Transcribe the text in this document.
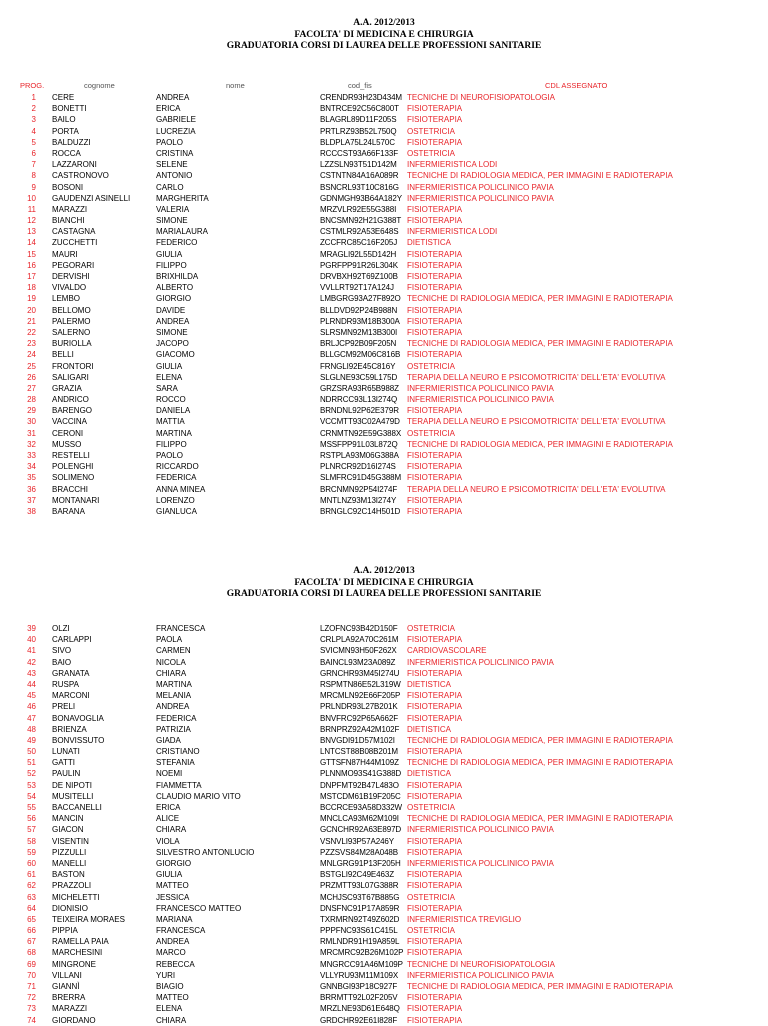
A.A. 2012/2013
FACOLTA' DI MEDICINA E CHIRURGIA
GRADUATORIA CORSI DI LAUREA DELLE PROFESSIONI SANITARIE
PROG.	cognome	nome	cod_fis	CDL ASSEGNATO
1 CERE	ANDREA	CRENDR93H23D434M TECNICHE DI NEUROFISIOPATOLOGIA
2 BONETTI	ERICA	BNTRCE92C56C800T FISIOTERAPIA
3 BAILO	GABRIELE	BLAGRL89D11F205S FISIOTERAPIA
4 PORTA	LUCREZIA	PRTLRZ93B52L750Q OSTETRICIA
5 BALDUZZI	PAOLO	BLDPLA75L24L570C FISIOTERAPIA
6 ROCCA	CRISTINA	RCCCST93A66F133F OSTETRICIA
7 LAZZARONI	SELENE	LZZSLN93T51D142M INFERMIERISTICA LODI
8 CASTRONOVO	ANTONIO	CSTNTN84A16A089R TECNICHE DI RADIOLOGIA MEDICA, PER IMMAGINI E RADIOTERAPIA
9 BOSONI	CARLO	BSNCRL93T10C816G INFERMIERISTICA POLICLINICO PAVIA
10 GAUDENZI ASINELLI	MARGHERITA	GDNMGH93B64A182Y INFERMIERISTICA POLICLINICO PAVIA
11 MARAZZI	VALERIA	MRZVLR92E55G388I FISIOTERAPIA
12 BIANCHI	SIMONE	BNCSMN92H21G388T FISIOTERAPIA
13 CASTAGNA	MARIALAURA	CSTMLR92A53E648S INFERMIERISTICA LODI
14 ZUCCHETTI	FEDERICO	ZCCFRC85C16F205J DIETISTICA
15 MAURI	GIULIA	MRAGLI92L55D142H FISIOTERAPIA
16 PEGORARI	FILIPPO	PGRFPP91R26L304K FISIOTERAPIA
17 DERVISHI	BRIXHILDA	DRVBXH92T69Z100B FISIOTERAPIA
18 VIVALDO	ALBERTO	VVLLRT92T17A124J FISIOTERAPIA
19 LEMBO	GIORGIO	LMBGRG93A27F892O TECNICHE DI RADIOLOGIA MEDICA, PER IMMAGINI E RADIOTERAPIA
20 BELLOMO	DAVIDE	BLLDVD92P24B988N FISIOTERAPIA
21 PALERMO	ANDREA	PLRNDR93M18B300A FISIOTERAPIA
22 SALERNO	SIMONE	SLRSMN92M13B300I FISIOTERAPIA
23 BURIOLLA	JACOPO	BRLJCP92B09F205N TECNICHE DI RADIOLOGIA MEDICA, PER IMMAGINI E RADIOTERAPIA
24 BELLI	GIACOMO	BLLGCM92M06C816B FISIOTERAPIA
25 FRONTORI	GIULIA	FRNGLI92E45C816Y OSTETRICIA
26 SALIGARI	ELENA	SLGLNE93C59L175D TERAPIA DELLA NEURO E PSICOMOTRICITA' DELL'ETA' EVOLUTIVA
27 GRAZIA	SARA	GRZSRA93R65B988Z INFERMIERISTICA POLICLINICO PAVIA
28 ANDRICO	ROCCO	NDRRCC93L13I274Q INFERMIERISTICA POLICLINICO PAVIA
29 BARENGO	DANIELA	BRNDNL92P62E379R FISIOTERAPIA
30 VACCINA	MATTIA	VCCMTT93C02A479D TERAPIA DELLA NEURO E PSICOMOTRICITA' DELL'ETA' EVOLUTIVA
31 CERONI	MARTINA	CRNMTN92E59G388X OSTETRICIA
32 MUSSO	FILIPPO	MSSFPP91L03L872Q TECNICHE DI RADIOLOGIA MEDICA, PER IMMAGINI E RADIOTERAPIA
33 RESTELLI	PAOLO	RSTPLA93M06G388A FISIOTERAPIA
34 POLENGHI	RICCARDO	PLNRCR92D16I274S FISIOTERAPIA
35 SOLIMENO	FEDERICA	SLMFRC91D45G388M FISIOTERAPIA
36 BRACCHI	ANNA MINEA	BRCNMN92P54I274F TERAPIA DELLA NEURO E PSICOMOTRICITA' DELL'ETA' EVOLUTIVA
37 MONTANARI	LORENZO	MNTLNZ93M13I274Y FISIOTERAPIA
38 BARANA	GIANLUCA	BRNGLC92C14H501D FISIOTERAPIA
A.A. 2012/2013
FACOLTA' DI MEDICINA E CHIRURGIA
GRADUATORIA CORSI DI LAUREA DELLE PROFESSIONI SANITARIE
39 OLZI	FRANCESCA	LZOFNC93B42D150F OSTETRICIA
40 CARLAPPI	PAOLA	CRLPLA92A70C261M FISIOTERAPIA
41 SIVO	CARMEN	SVICMN93H50F262X CARDIOVASCOLARE
42 BAIO	NICOLA	BAINCL93M23A089Z INFERMIERISTICA POLICLINICO PAVIA
43 GRANATA	CHIARA	GRNCHR93M45I274U FISIOTERAPIA
44 RUSPA	MARTINA	RSPMTN86E52L319W DIETISTICA
45 MARCONI	MELANIA	MRCMLN92E66F205P FISIOTERAPIA
46 PRELI	ANDREA	PRLNDR93L27B201K FISIOTERAPIA
47 BONAVOGLIA	FEDERICA	BNVFRC92P65A662F FISIOTERAPIA
48 BRIENZA	PATRIZIA	BRNPRZ92A42M102F DIETISTICA
49 BONVISSUTO	GIADA	BNVGDI91D57M102I TECNICHE DI RADIOLOGIA MEDICA, PER IMMAGINI E RADIOTERAPIA
50 LUNATI	CRISTIANO	LNTCST88B08B201M FISIOTERAPIA
51 GATTI	STEFANIA	GTTSFN87H44M109Z TECNICHE DI RADIOLOGIA MEDICA, PER IMMAGINI E RADIOTERAPIA
52 PAULIN	NOEMI	PLNNMO93S41G388D DIETISTICA
53 DE NIPOTI	FIAMMETTA	DNPFMT92B47L483O FISIOTERAPIA
54 MUSITELLI	CLAUDIO MARIO VITO	MSTCDM61B19F205C FISIOTERAPIA
55 BACCANELLI	ERICA	BCCRCE93A58D332W OSTETRICIA
56 MANCIN	ALICE	MNCLCA93M62M109I TECNICHE DI RADIOLOGIA MEDICA, PER IMMAGINI E RADIOTERAPIA
57 GIACON	CHIARA	GCNCHR92A63E897D INFERMIERISTICA POLICLINICO PAVIA
58 VISENTIN	VIOLA	VSNVLI93P57A246Y FISIOTERAPIA
59 PIZZULLI	SILVESTRO ANTONLUCIO	PZZSVS84M28A048B FISIOTERAPIA
60 MANELLI	GIORGIO	MNLGRG91P13F205H INFERMIERISTICA POLICLINICO PAVIA
61 BASTON	GIULIA	BSTGLI92C49E463Z FISIOTERAPIA
62 PRAZZOLI	MATTEO	PRZMTT93L07G388R FISIOTERAPIA
63 MICHELETTI	JESSICA	MCHJSC93T67B885G OSTETRICIA
64 DIONISIO	FRANCESCO MATTEO	DNSFNC91P17A859R FISIOTERAPIA
65 TEIXEIRA MORAES	MARIANA	TXRMRN92T49Z602D INFERMIERISTICA TREVIGLIO
66 PIPPIA	FRANCESCA	PPPFNC93S61C415L OSTETRICIA
67 RAMELLA PAIA	ANDREA	RMLNDR91H19A859L FISIOTERAPIA
68 MARCHESINI	MARCO	MRCMRC92B26M102P FISIOTERAPIA
69 MINGRONE	REBECCA	MNGRCC91A46M109P TECNICHE DI NEUROFISIOPATOLOGIA
70 VILLANI	YURI	VLLYRU93M11M109X INFERMIERISTICA POLICLINICO PAVIA
71 GIANNÌ	BIAGIO	GNNBGI93P18C927F TECNICHE DI RADIOLOGIA MEDICA, PER IMMAGINI E RADIOTERAPIA
72 BRERRA	MATTEO	BRRMTT92L02F205V FISIOTERAPIA
73 MARAZZI	ELENA	MRZLNE93D61E648Q FISIOTERAPIA
74 GIORDANO	CHIARA	GRDCHR92E61I828F FISIOTERAPIA
